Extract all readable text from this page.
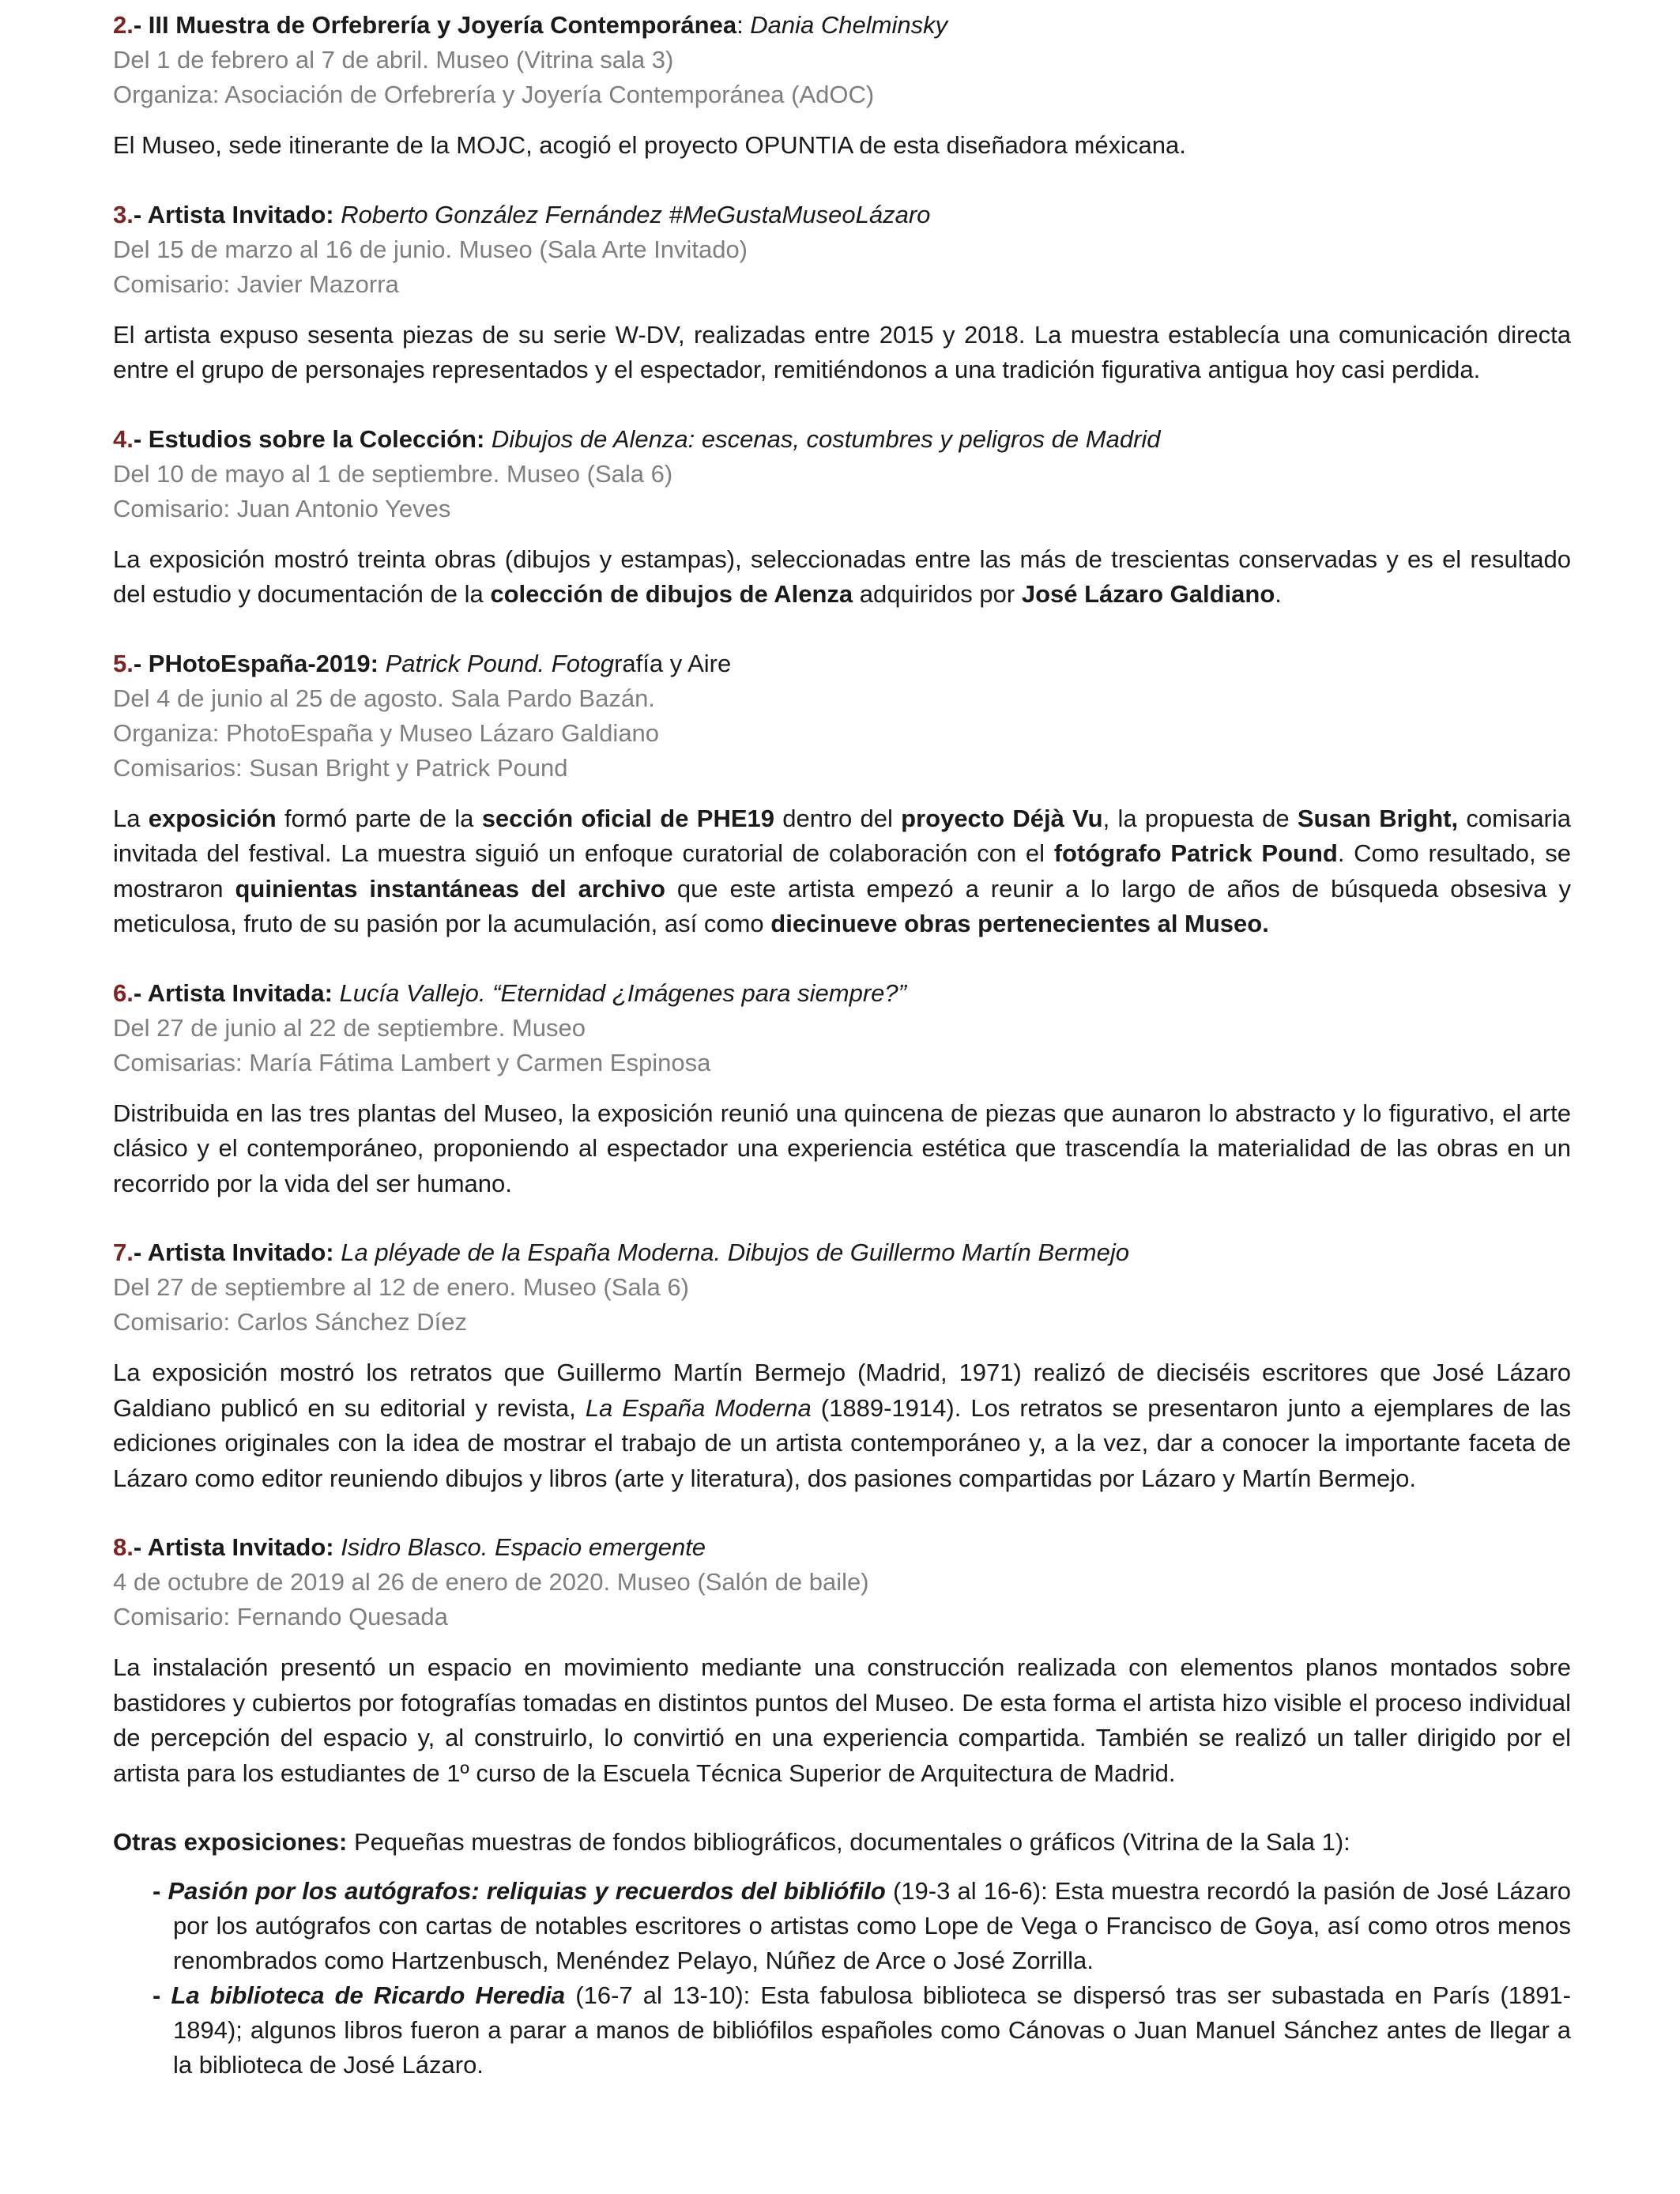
2.- III Muestra de Orfebrería y Joyería Contemporánea: Dania Chelminsky

Del 1 de febrero al 7 de abril. Museo (Vitrina sala 3)

Organiza: Asociación de Orfebrería y Joyería Contemporánea (AdOC)

El Museo, sede itinerante de la MOJC, acogió el proyecto OPUNTIA de esta diseñadora méxicana.

3.- Artista Invitado: Roberto González Fernández #MeGustaMuseoLázaro

Del 15 de marzo al 16 de junio. Museo (Sala Arte Invitado)

Comisario: Javier Mazorra

El artista expuso sesenta piezas de su serie W-DV, realizadas entre 2015 y 2018. La muestra establecía una comunicación directa entre el grupo de personajes representados y el espectador, remitiéndonos a una tradición figurativa antigua hoy casi perdida.

4.- Estudios sobre la Colección: Dibujos de Alenza: escenas, costumbres y peligros de Madrid

Del 10 de mayo al 1 de septiembre. Museo (Sala 6)

Comisario: Juan Antonio Yeves

La exposición mostró treinta obras (dibujos y estampas), seleccionadas entre las más de trescientas conservadas y es el resultado del estudio y documentación de la colección de dibujos de Alenza adquiridos por José Lázaro Galdiano.

5.- PHotoEspaña-2019: Patrick Pound. Fotografía y Aire

Del 4 de junio al 25 de agosto. Sala Pardo Bazán.

Organiza: PhotoEspaña y Museo Lázaro Galdiano

Comisarios: Susan Bright y Patrick Pound

La exposición formó parte de la sección oficial de PHE19 dentro del proyecto Déjà Vu, la propuesta de Susan Bright, comisaria invitada del festival. La muestra siguió un enfoque curatorial de colaboración con el fotógrafo Patrick Pound. Como resultado, se mostraron quinientas instantáneas del archivo que este artista empezó a reunir a lo largo de años de búsqueda obsesiva y meticulosa, fruto de su pasión por la acumulación, así como diecinueve obras pertenecientes al Museo.

6.- Artista Invitada: Lucía Vallejo. “Eternidad ¿Imágenes para siempre?”

Del 27 de junio al 22 de septiembre. Museo

Comisarias: María Fátima Lambert y Carmen Espinosa

Distribuida en las tres plantas del Museo, la exposición reunió una quincena de piezas que aunaron lo abstracto y lo figurativo, el arte clásico y el contemporáneo, proponiendo al espectador una experiencia estética que trascendía la materialidad de las obras en un recorrido por la vida del ser humano.

7.- Artista Invitado: La pléyade de la España Moderna. Dibujos de Guillermo Martín Bermejo

Del 27 de septiembre al 12 de enero. Museo (Sala 6)

Comisario: Carlos Sánchez Díez

La exposición mostró los retratos que Guillermo Martín Bermejo (Madrid, 1971) realizó de dieciséis escritores que José Lázaro Galdiano publicó en su editorial y revista, La España Moderna (1889-1914). Los retratos se presentaron junto a ejemplares de las ediciones originales con la idea de mostrar el trabajo de un artista contemporáneo y, a la vez, dar a conocer la importante faceta de Lázaro como editor reuniendo dibujos y libros (arte y literatura), dos pasiones compartidas por Lázaro y Martín Bermejo.

8.- Artista Invitado: Isidro Blasco. Espacio emergente

4 de octubre de 2019 al 26 de enero de 2020. Museo (Salón de baile)

Comisario: Fernando Quesada

La instalación presentó un espacio en movimiento mediante una construcción realizada con elementos planos montados sobre bastidores y cubiertos por fotografías tomadas en distintos puntos del Museo. De esta forma el artista hizo visible el proceso individual de percepción del espacio y, al construirlo, lo convirtió en una experiencia compartida. También se realizó un taller dirigido por el artista para los estudiantes de 1º curso de la Escuela Técnica Superior de Arquitectura de Madrid.

Otras exposiciones: Pequeñas muestras de fondos bibliográficos, documentales o gráficos (Vitrina de la Sala 1):

- Pasión por los autógrafos: reliquias y recuerdos del bibliófilo (19-3 al 16-6): Esta muestra recordó la pasión de José Lázaro por los autógrafos con cartas de notables escritores o artistas como Lope de Vega o Francisco de Goya, así como otros menos renombrados como Hartzenbusch, Menéndez Pelayo, Núñez de Arce o José Zorrilla.
- La biblioteca de Ricardo Heredia (16-7 al 13-10): Esta fabulosa biblioteca se dispersó tras ser subastada en París (1891-1894); algunos libros fueron a parar a manos de bibliófilos españoles como Cánovas o Juan Manuel Sánchez antes de llegar a la biblioteca de José Lázaro.
